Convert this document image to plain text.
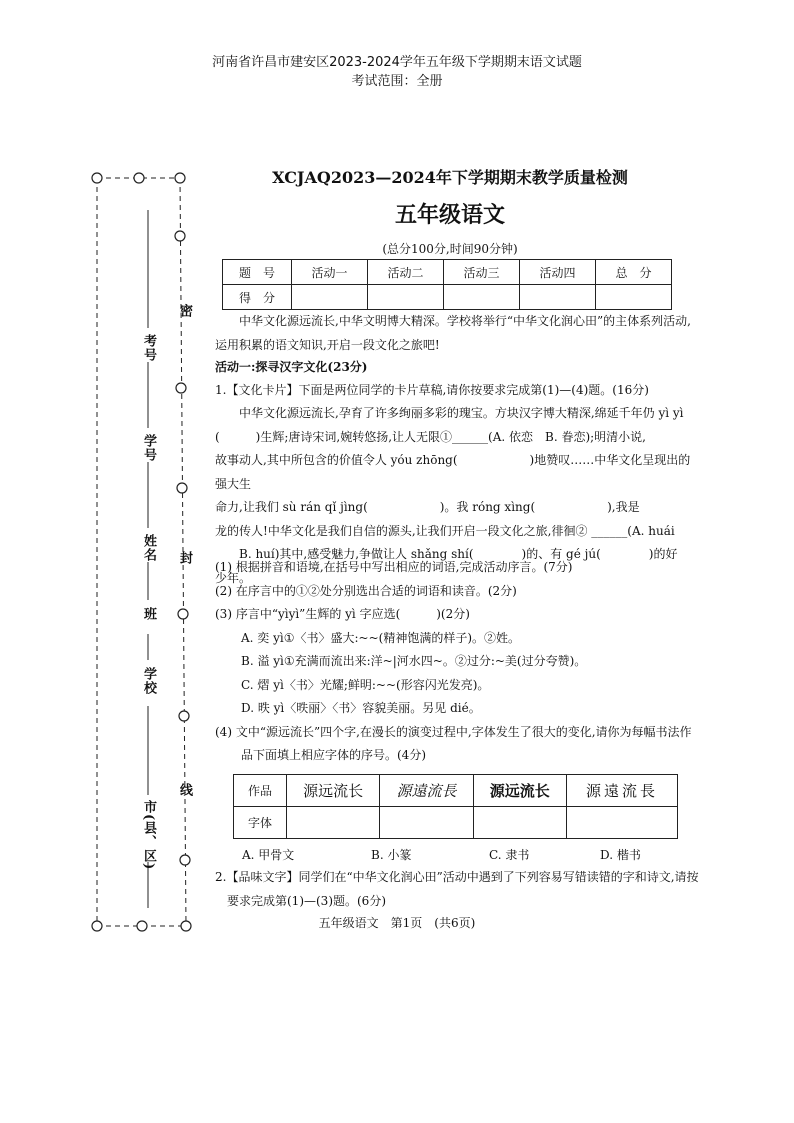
河南省许昌市建安区2023-2024学年五年级下学期期末语文试题
考试范围：全册
考号
密
学号
姓名 封
班
学校
市(县、区)
线
XCJAQ2023—2024年下学期期末教学质量检测
五年级语文
(总分100分,时间90分钟)
题　号	活动一	活动二	活动三	活动四	总　分
得　分					
中华文化源远流长,中华文明博大精深。学校将举行“中华文化润心田”的主体系列活动,运用积累的语文知识,开启一段文化之旅吧!
活动一:探寻汉字文化(23分)
1.【文化卡片】下面是两位同学的卡片草稿,请你按要求完成第(1)—(4)题。(16分)
中华文化源远流长,孕育了许多绚丽多彩的瑰宝。方块汉字博大精深,绵延千年仍 yì yì
(　　　)生辉;唐诗宋词,婉转悠扬,让人无限①______(A. 依恋　B. 眷恋);明清小说,
故事动人,其中所包含的价值令人 yóu zhōng(　　　　　　)地赞叹……中华文化呈现出的强大生
命力,让我们 sù rán qǐ jìng(　　　　　　)。我 róng xìng(　　　　　　),我是
龙的传人!中华文化是我们自信的源头,让我们开启一段文化之旅,徘徊② ______(A. huái
B. huí)其中,感受魅力,争做让人 shǎng shí(　　　　)的、有 gé jú(　　　　)的好
少年。
(1) 根据拼音和语境,在括号中写出相应的词语,完成活动序言。(7分)
(2) 在序言中的①②处分别选出合适的词语和读音。(2分)
(3) 序言中“yìyì”生辉的 yì 字应选(　　　)(2分)
A. 奕 yì①〈书〉盛大:~~(精神饱满的样子)。②姓。
B. 溢 yì①充满而流出来:洋~|河水四~。②过分:~美(过分夸赞)。
C. 熠 yì〈书〉光耀;鲜明:~~(形容闪光发亮)。
D. 昳 yì〈昳丽〉〈书〉容貌美丽。另见 dié。
(4) 文中“源远流长”四个字,在漫长的演变过程中,字体发生了很大的变化,请你为每幅书法作品下面填上相应字体的序号。(4分)
作品	源远流长	源遠流長	源远流长	源遠流長
字体				
A. 甲骨文	B. 小篆	C. 隶书	D. 楷书
2.【品味文字】同学们在“中华文化润心田”活动中遇到了下列容易写错读错的字和诗文,请按要求完成第(1)—(3)题。(6分)
五年级语文　第1页　(共6页)
